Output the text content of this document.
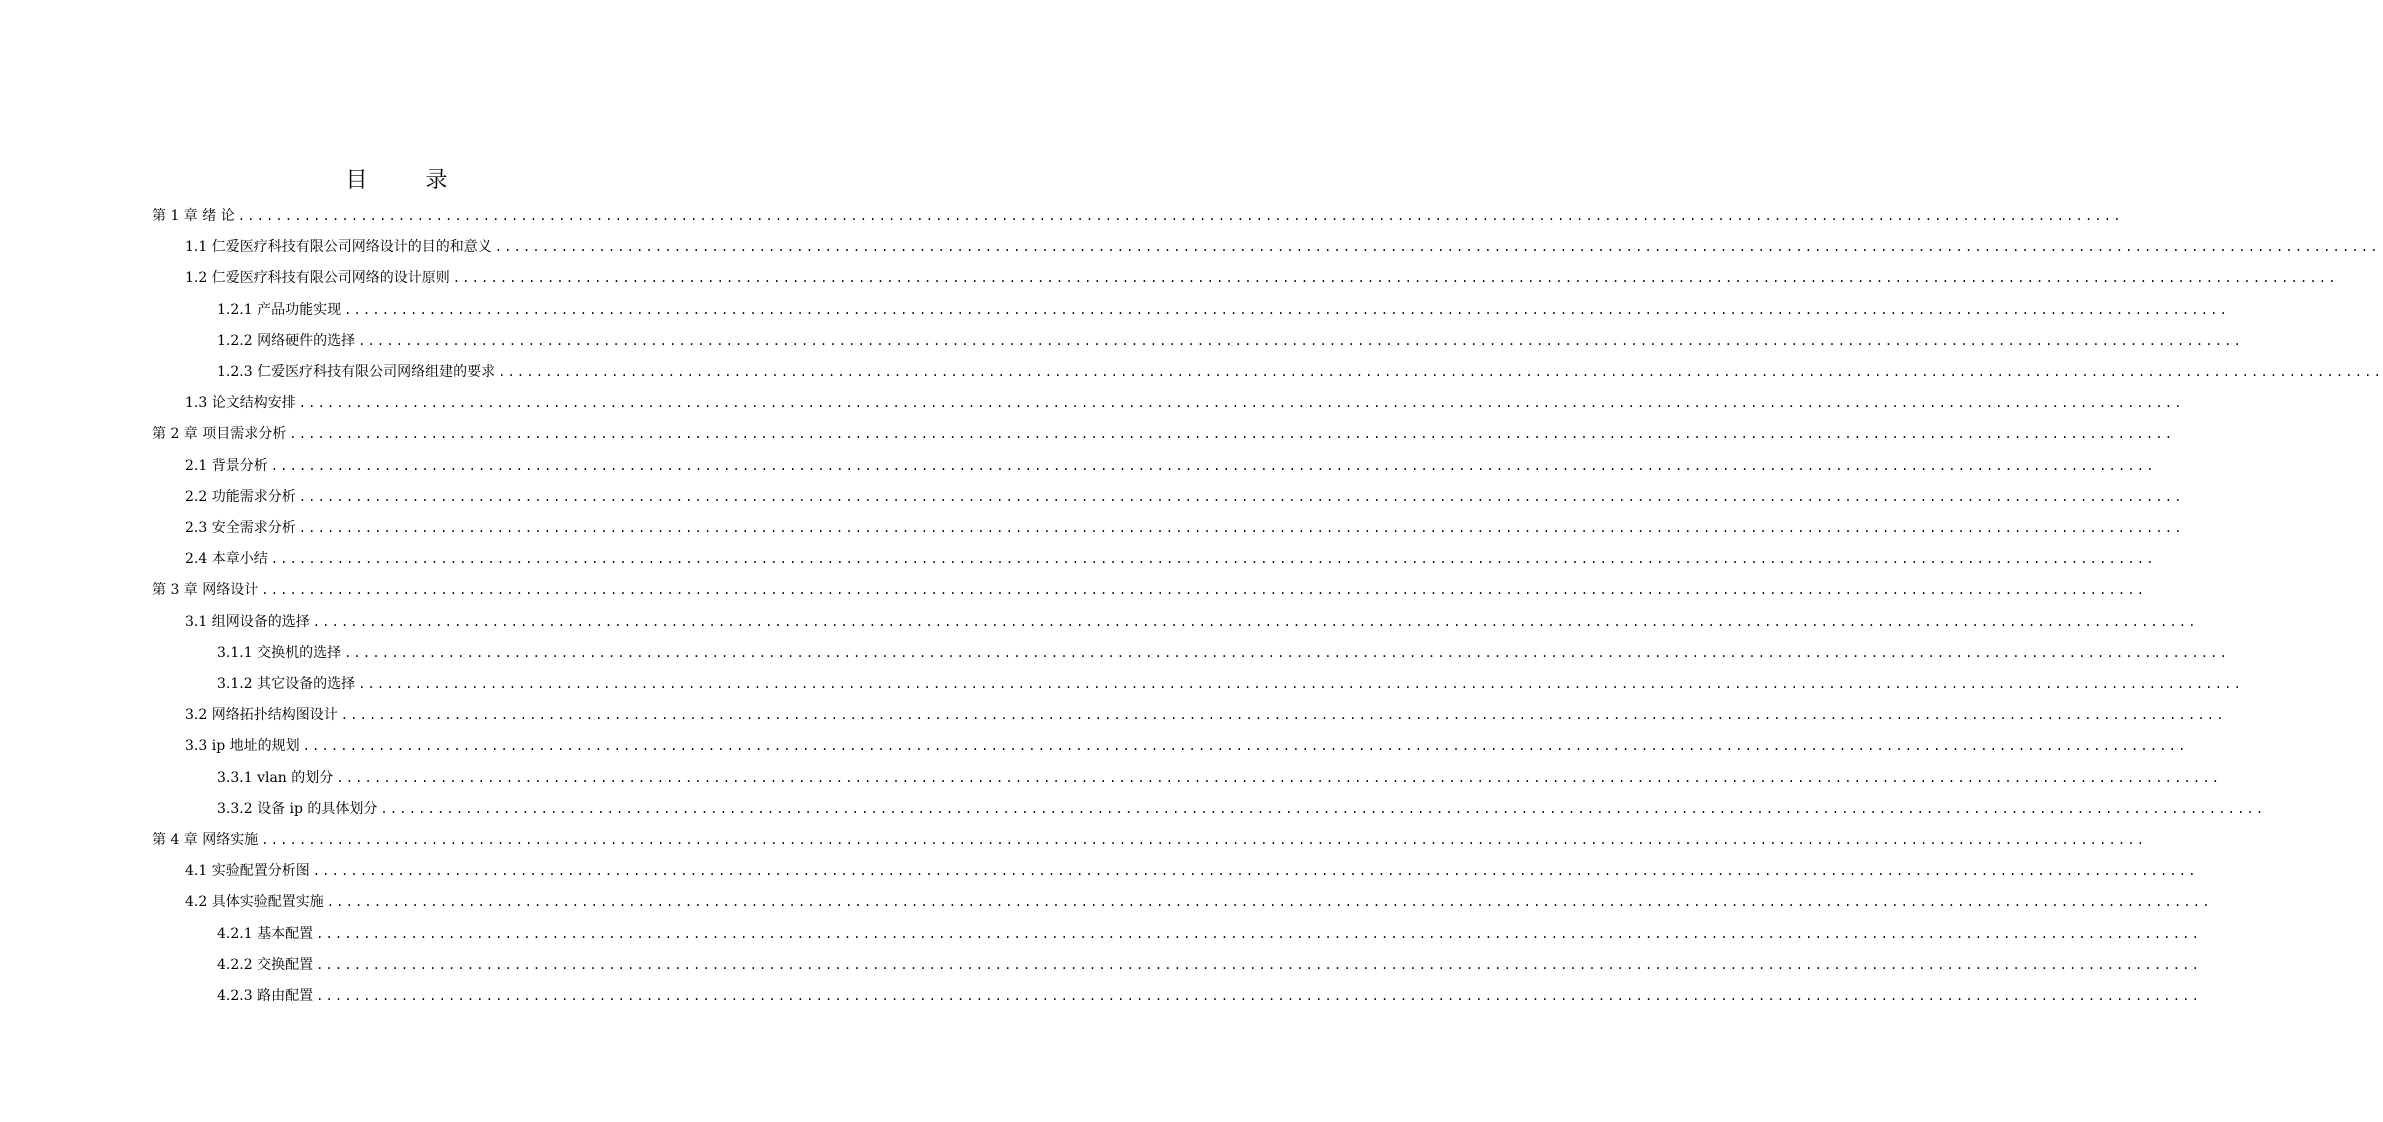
目　录
第 1 章 绪 论 ........................................................................................................................................................................................................
1.1 仁爱医疗科技有限公司网络设计的目的和意义 ........................................................................................................................................................................................................
1.2 仁爱医疗科技有限公司网络的设计原则 ........................................................................................................................................................................................................
1.2.1 产品功能实现 ........................................................................................................................................................................................................
1.2.2 网络硬件的选择 ........................................................................................................................................................................................................
1.2.3 仁爱医疗科技有限公司网络组建的要求 ........................................................................................................................................................................................................
1.3 论文结构安排 ........................................................................................................................................................................................................
第 2 章 项目需求分析 ........................................................................................................................................................................................................
2.1 背景分析 ........................................................................................................................................................................................................
2.2 功能需求分析 ........................................................................................................................................................................................................
2.3 安全需求分析 ........................................................................................................................................................................................................
2.4 本章小结 ........................................................................................................................................................................................................
第 3 章 网络设计 ........................................................................................................................................................................................................
3.1 组网设备的选择 ........................................................................................................................................................................................................
3.1.1 交换机的选择 ........................................................................................................................................................................................................
3.1.2 其它设备的选择 ........................................................................................................................................................................................................
3.2 网络拓扑结构图设计 ........................................................................................................................................................................................................
3.3 ip 地址的规划 ........................................................................................................................................................................................................
3.3.1 vlan 的划分 ........................................................................................................................................................................................................
3.3.2 设备 ip 的具体划分 ........................................................................................................................................................................................................
第 4 章 网络实施 ........................................................................................................................................................................................................
4.1 实验配置分析图 ........................................................................................................................................................................................................
4.2 具体实验配置实施 ........................................................................................................................................................................................................
4.2.1 基本配置 ........................................................................................................................................................................................................
4.2.2 交换配置 ........................................................................................................................................................................................................
4.2.3 路由配置 ........................................................................................................................................................................................................
